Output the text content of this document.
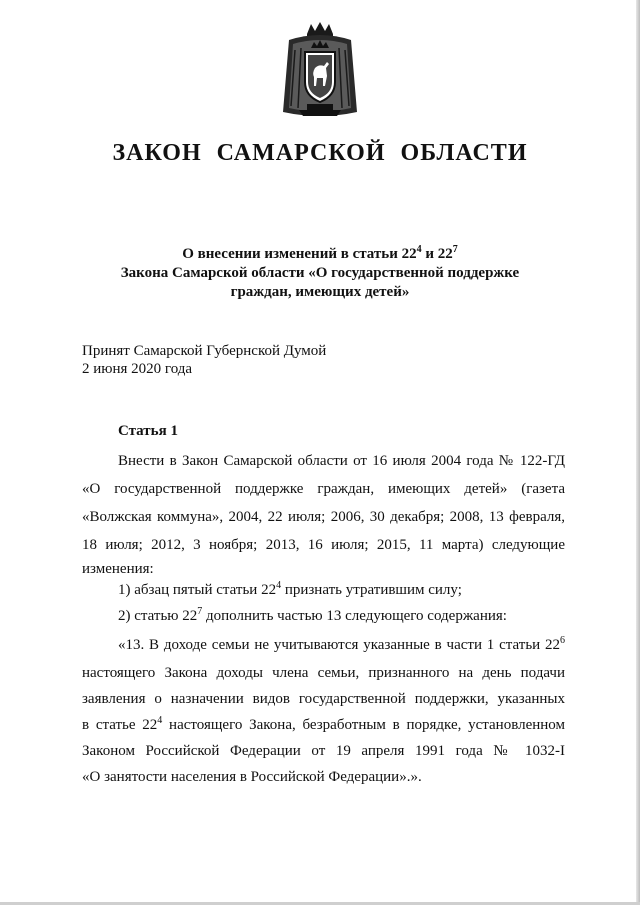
ЗАКОН САМАРСКОЙ ОБЛАСТИ
О внесении изменений в статьи $22^4$ и $22^7$
Закона Самарской области «О государственной поддержке
граждан, имеющих детей»
Принят Самарской Губернской Думой
2 июня 2020 года
Статья 1
Внести в Закон Самарской области от 16 июля 2004 года № 122-ГД
«О государственной поддержке граждан, имеющих детей» (газета
«Волжская коммуна», 2004, 22 июля; 2006, 30 декабря; 2008, 13 февраля,
18 июля; 2012, 3 ноября; 2013, 16 июля; 2015, 11 марта) следующие
изменения:
1) абзац пятый статьи $22^4$ признать утратившим силу;
2) статью $22^7$ дополнить частью 13 следующего содержания:
«13. В доходе семьи не учитываются указанные в части 1 статьи $22^6$
настоящего Закона доходы члена семьи, признанного на день подачи
заявления о назначении видов государственной поддержки, указанных
в статье $22^4$ настоящего Закона, безработным в порядке, установленном
Законом Российской Федерации от 19 апреля 1991 года № 1032-I
«О занятости населения в Российской Федерации».».
